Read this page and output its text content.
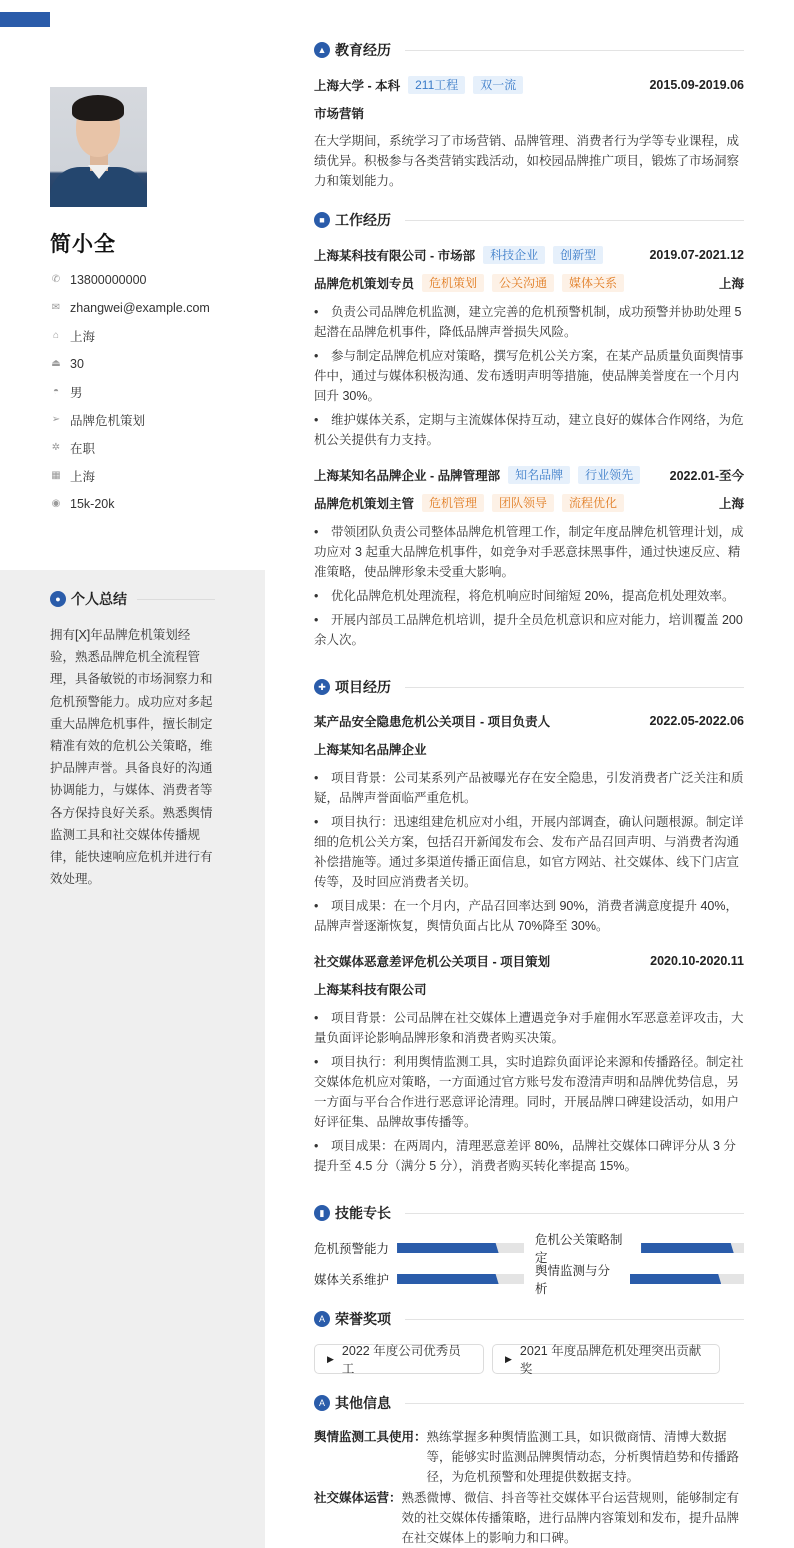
简小全
✆ 13800000000
✉ zhangwei@example.com
⌂ 上海
⏏ 30
◓ 男
➢ 品牌危机策划
✲ 在职
▦ 上海
◉ 15k-20k
● 个人总结
拥有[X]年品牌危机策划经验，熟悉品牌危机全流程管理，具备敏锐的市场洞察力和危机预警能力。成功应对多起重大品牌危机事件，擅长制定精准有效的危机公关策略，维护品牌声誉。具备良好的沟通协调能力，与媒体、消费者等各方保持良好关系。熟悉舆情监测工具和社交媒体传播规律，能快速响应危机并进行有效处理。
▲ 教育经历
上海大学 - 本科	211工程	双一流	2015.09-2019.06
市场营销
在大学期间，系统学习了市场营销、品牌管理、消费者行为学等专业课程，成绩优异。积极参与各类营销实践活动，如校园品牌推广项目，锻炼了市场洞察力和策划能力。
■ 工作经历
上海某科技有限公司 - 市场部	科技企业	创新型	2019.07-2021.12
品牌危机策划专员	危机策划	公关沟通	媒体关系	上海
• 负责公司品牌危机监测，建立完善的危机预警机制，成功预警并协助处理 5 起潜在品牌危机事件，降低品牌声誉损失风险。
• 参与制定品牌危机应对策略，撰写危机公关方案，在某产品质量负面舆情事件中，通过与媒体积极沟通、发布透明声明等措施，使品牌美誉度在一个月内回升 30%。
• 维护媒体关系，定期与主流媒体保持互动，建立良好的媒体合作网络，为危机公关提供有力支持。
上海某知名品牌企业 - 品牌管理部	知名品牌	行业领先	2022.01-至今
品牌危机策划主管	危机管理	团队领导	流程优化	上海
• 带领团队负责公司整体品牌危机管理工作，制定年度品牌危机管理计划，成功应对 3 起重大品牌危机事件，如竞争对手恶意抹黑事件，通过快速反应、精准策略，使品牌形象未受重大影响。
• 优化品牌危机处理流程，将危机响应时间缩短 20%，提高危机处理效率。
• 开展内部员工品牌危机培训，提升全员危机意识和应对能力，培训覆盖 200 余人次。
✚ 项目经历
某产品安全隐患危机公关项目 - 项目负责人	2022.05-2022.06
上海某知名品牌企业
• 项目背景：公司某系列产品被曝光存在安全隐患，引发消费者广泛关注和质疑，品牌声誉面临严重危机。
• 项目执行：迅速组建危机应对小组，开展内部调查，确认问题根源。制定详细的危机公关方案，包括召开新闻发布会、发布产品召回声明、与消费者沟通补偿措施等。通过多渠道传播正面信息，如官方网站、社交媒体、线下门店宣传等，及时回应消费者关切。
• 项目成果：在一个月内，产品召回率达到 90%，消费者满意度提升 40%，品牌声誉逐渐恢复，舆情负面占比从 70%降至 30%。
社交媒体恶意差评危机公关项目 - 项目策划	2020.10-2020.11
上海某科技有限公司
• 项目背景：公司品牌在社交媒体上遭遇竞争对手雇佣水军恶意差评攻击，大量负面评论影响品牌形象和消费者购买决策。
• 项目执行：利用舆情监测工具，实时追踪负面评论来源和传播路径。制定社交媒体危机应对策略，一方面通过官方账号发布澄清声明和品牌优势信息，另一方面与平台合作进行恶意评论清理。同时，开展品牌口碑建设活动，如用户好评征集、品牌故事传播等。
• 项目成果：在两周内，清理恶意差评 80%，品牌社交媒体口碑评分从 3 分提升至 4.5 分（满分 5 分），消费者购买转化率提高 15%。
▮ 技能专长
危机预警能力
危机公关策略制定
媒体关系维护
舆情监测与分析
A 荣誉奖项
▶
2022 年度公司优秀员工
▶
2021 年度品牌危机处理突出贡献奖
A 其他信息
舆情监测工具使用： 熟练掌握多种舆情监测工具，如识微商情、清博大数据等，能够实时监测品牌舆情动态，分析舆情趋势和传播路径，为危机预警和处理提供数据支持。
社交媒体运营： 熟悉微博、微信、抖音等社交媒体平台运营规则，能够制定有效的社交媒体传播策略，进行品牌内容策划和发布，提升品牌在社交媒体上的影响力和口碑。
